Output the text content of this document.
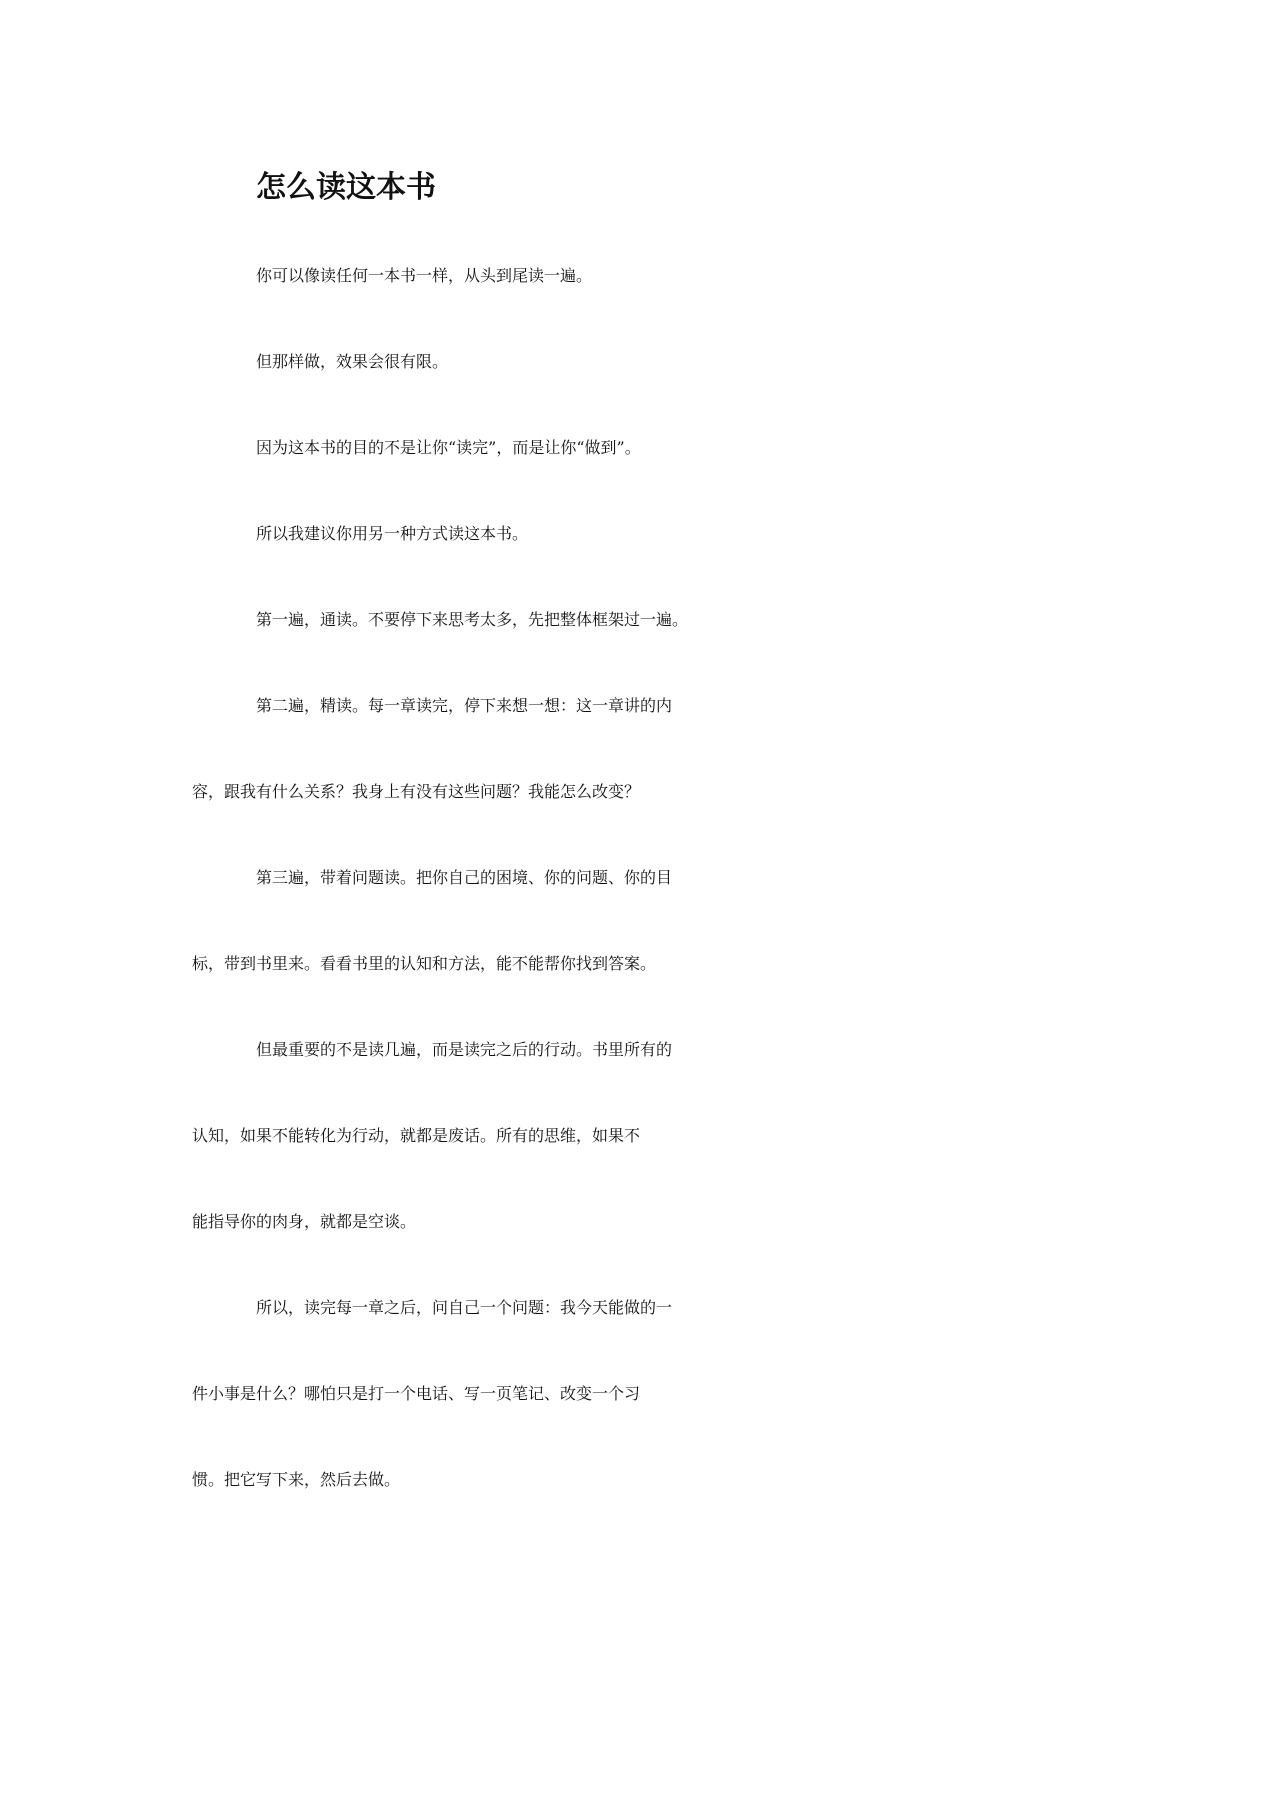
怎么读这本书
你可以像读任何一本书一样，从头到尾读一遍。
但那样做，效果会很有限。
因为这本书的目的不是让你“读完”，而是让你“做到”。
所以我建议你用另一种方式读这本书。
第一遍，通读。不要停下来思考太多，先把整体框架过一遍。
第二遍，精读。每一章读完，停下来想一想：这一章讲的内
容，跟我有什么关系？我身上有没有这些问题？我能怎么改变？
第三遍，带着问题读。把你自己的困境、你的问题、你的目
标，带到书里来。看看书里的认知和方法，能不能帮你找到答案。
但最重要的不是读几遍，而是读完之后的行动。书里所有的
认知，如果不能转化为行动，就都是废话。所有的思维，如果不
能指导你的肉身，就都是空谈。
所以，读完每一章之后，问自己一个问题：我今天能做的一
件小事是什么？哪怕只是打一个电话、写一页笔记、改变一个习
惯。把它写下来，然后去做。
